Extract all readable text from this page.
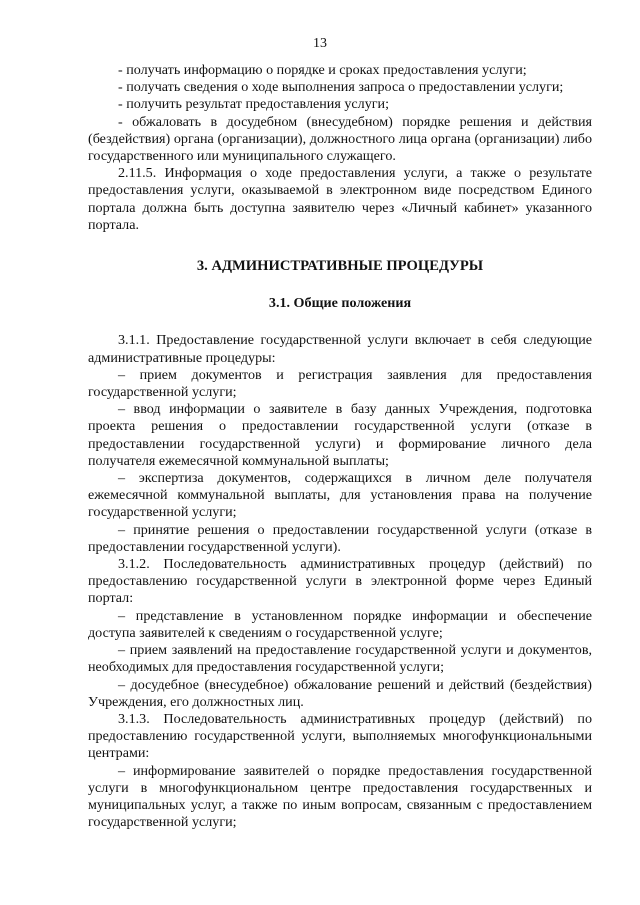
13

- получать информацию о порядке и сроках предоставления услуги;

- получать сведения о ходе выполнения запроса о предоставлении услуги;

- получить результат предоставления услуги;

- обжаловать в досудебном (внесудебном) порядке решения и действия (бездействия) органа (организации), должностного лица органа (организации) либо государственного или муниципального служащего.

2.11.5. Информация о ходе предоставления услуги, а также о результате предоставления услуги, оказываемой в электронном виде посредством Единого портала должна быть доступна заявителю через «Личный кабинет» указанного портала.

3. АДМИНИСТРАТИВНЫЕ ПРОЦЕДУРЫ

3.1. Общие положения

3.1.1. Предоставление государственной услуги включает в себя следующие административные процедуры:

– прием документов и регистрация заявления для предоставления государственной услуги;

– ввод информации о заявителе в базу данных Учреждения, подготовка проекта решения о предоставлении государственной услуги (отказе в предоставлении государственной услуги) и формирование личного дела получателя ежемесячной коммунальной выплаты;

– экспертиза документов, содержащихся в личном деле получателя ежемесячной коммунальной выплаты, для установления права на получение государственной услуги;

– принятие решения о предоставлении государственной услуги (отказе в предоставлении государственной услуги).

3.1.2. Последовательность административных процедур (действий) по предоставлению государственной услуги в электронной форме через Единый портал:

– представление в установленном порядке информации и обеспечение доступа заявителей к сведениям о государственной услуге;

– прием заявлений на предоставление государственной услуги и документов, необходимых для предоставления государственной услуги;

– досудебное (внесудебное) обжалование решений и действий (бездействия) Учреждения, его должностных лиц.

3.1.3. Последовательность административных процедур (действий) по предоставлению государственной услуги, выполняемых многофункциональными центрами:

– информирование заявителей о порядке предоставления государственной услуги в многофункциональном центре предоставления государственных и муниципальных услуг, а также по иным вопросам, связанным с предоставлением государственной услуги;
